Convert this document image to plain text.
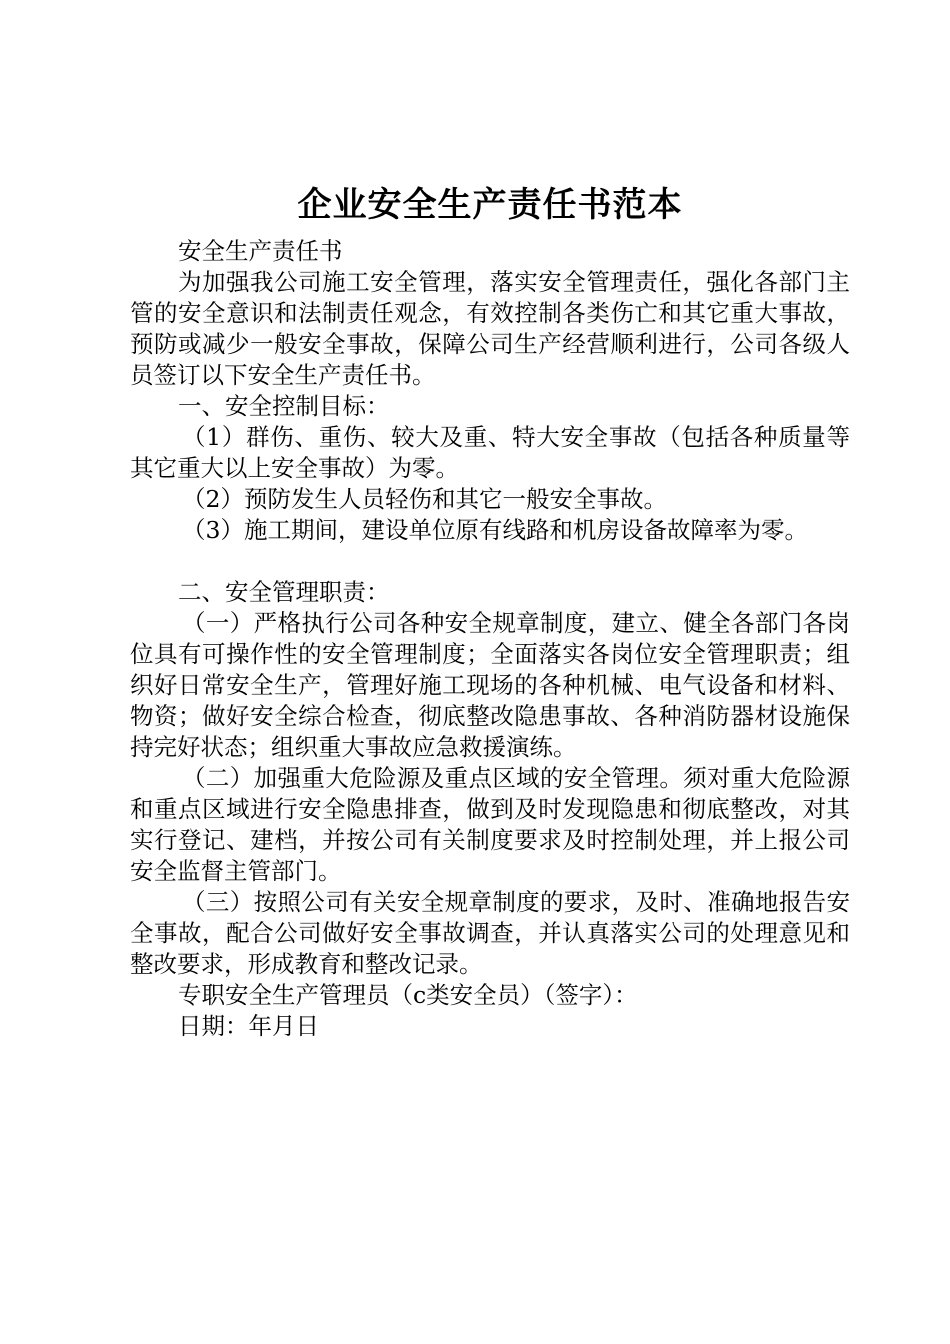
企业安全生产责任书范本

安全生产责任书

为加强我公司施工安全管理，落实安全管理责任，强化各部门主管的安全意识和法制责任观念，有效控制各类伤亡和其它重大事故，预防或减少一般安全事故，保障公司生产经营顺利进行，公司各级人员签订以下安全生产责任书。

一、安全控制目标：

（1）群伤、重伤、较大及重、特大安全事故（包括各种质量等其它重大以上安全事故）为零。

（2）预防发生人员轻伤和其它一般安全事故。

（3）施工期间，建设单位原有线路和机房设备故障率为零。

二、安全管理职责：

（一）严格执行公司各种安全规章制度，建立、健全各部门各岗位具有可操作性的安全管理制度；全面落实各岗位安全管理职责；组织好日常安全生产，管理好施工现场的各种机械、电气设备和材料、物资；做好安全综合检查，彻底整改隐患事故、各种消防器材设施保持完好状态；组织重大事故应急救援演练。

（二）加强重大危险源及重点区域的安全管理。须对重大危险源和重点区域进行安全隐患排查，做到及时发现隐患和彻底整改，对其实行登记、建档，并按公司有关制度要求及时控制处理，并上报公司安全监督主管部门。

（三）按照公司有关安全规章制度的要求，及时、准确地报告安全事故，配合公司做好安全事故调查，并认真落实公司的处理意见和整改要求，形成教育和整改记录。

专职安全生产管理员（c类安全员）（签字）：

日期：年月日
